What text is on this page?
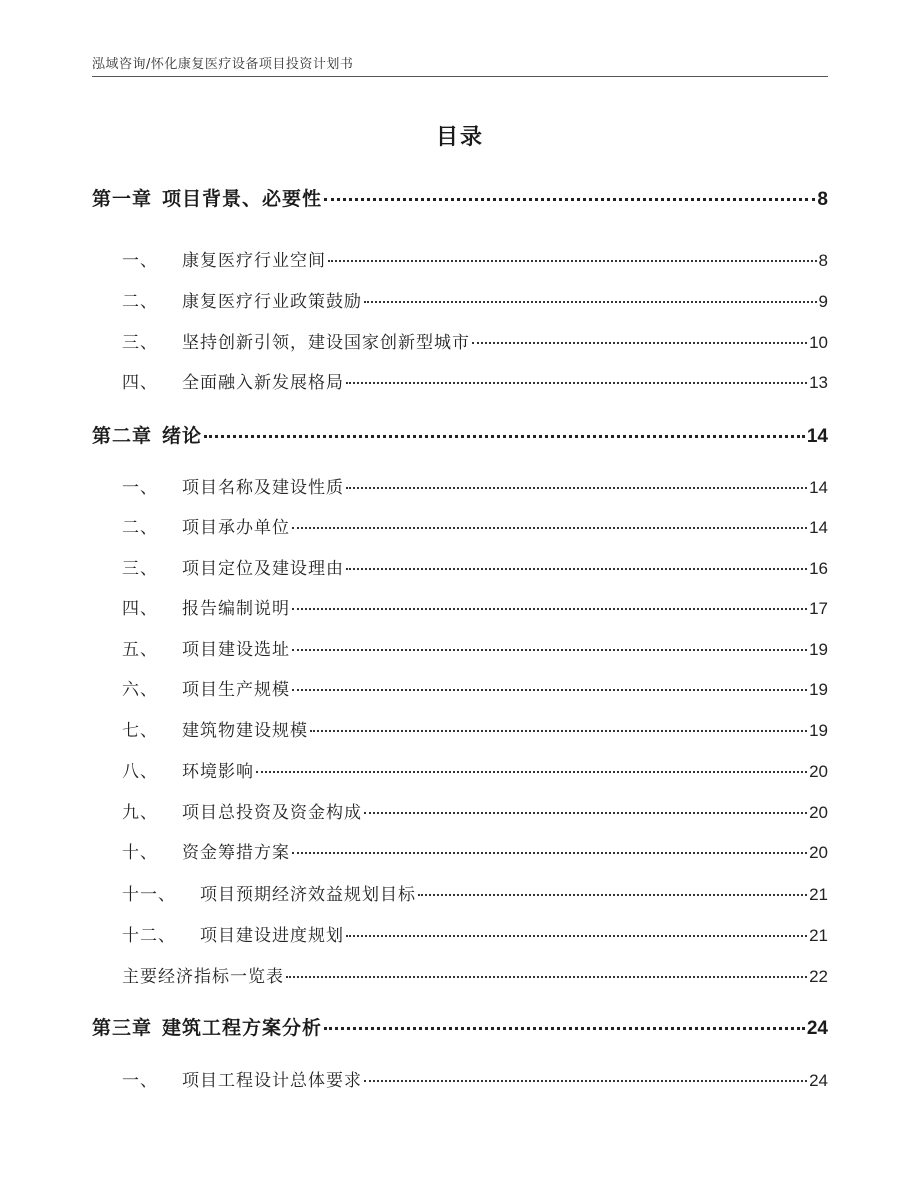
泓域咨询/怀化康复医疗设备项目投资计划书
目录
第一章 项目背景、必要性	8
一、 康复医疗行业空间	8
二、 康复医疗行业政策鼓励	9
三、 坚持创新引领，建设国家创新型城市	10
四、 全面融入新发展格局	13
第二章 绪论	14
一、 项目名称及建设性质	14
二、 项目承办单位	14
三、 项目定位及建设理由	16
四、 报告编制说明	17
五、 项目建设选址	19
六、 项目生产规模	19
七、 建筑物建设规模	19
八、 环境影响	20
九、 项目总投资及资金构成	20
十、 资金筹措方案	20
十一、 项目预期经济效益规划目标	21
十二、 项目建设进度规划	21
主要经济指标一览表	22
第三章 建筑工程方案分析	24
一、 项目工程设计总体要求	24
